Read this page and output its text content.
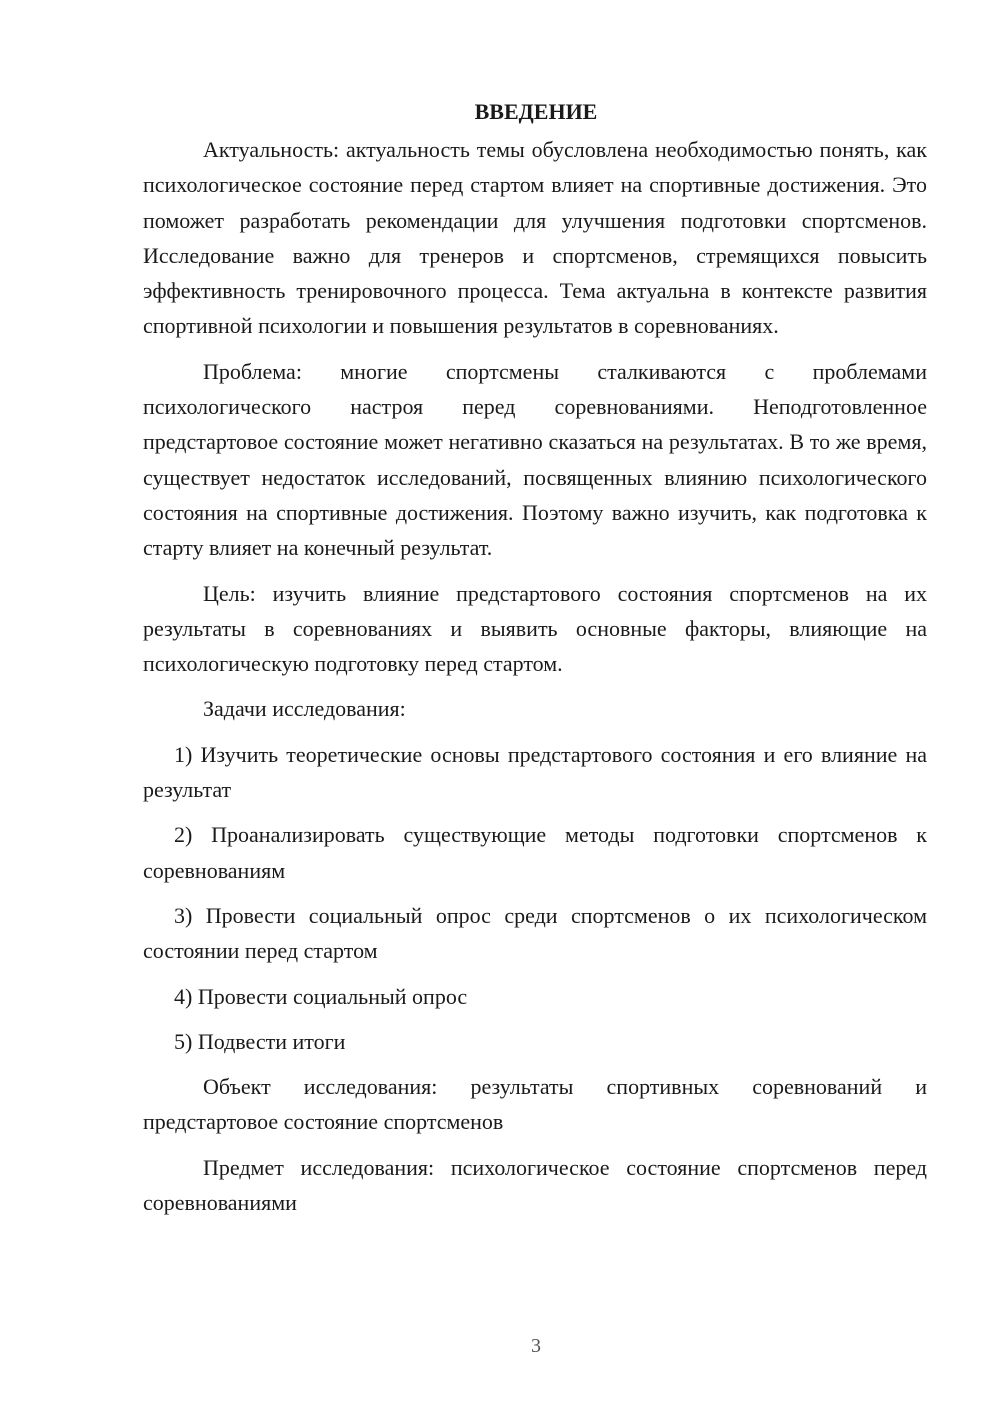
ВВЕДЕНИЕ

Актуальность: актуальность темы обусловлена необходимостью понять, как психологическое состояние перед стартом влияет на спортивные достижения. Это поможет разработать рекомендации для улучшения подготовки спортсменов. Исследование важно для тренеров и спортсменов, стремящихся повысить эффективность тренировочного процесса. Тема актуальна в контексте развития спортивной психологии и повышения результатов в соревнованиях.

Проблема: многие спортсмены сталкиваются с проблемами психологического настроя перед соревнованиями. Неподготовленное предстартовое состояние может негативно сказаться на результатах. В то же время, существует недостаток исследований, посвященных влиянию психологического состояния на спортивные достижения. Поэтому важно изучить, как подготовка к старту влияет на конечный результат.

Цель: изучить влияние предстартового состояния спортсменов на их результаты в соревнованиях и выявить основные факторы, влияющие на психологическую подготовку перед стартом.

Задачи исследования:

1) Изучить теоретические основы предстартового состояния и его влияние на результат

2) Проанализировать существующие методы подготовки спортсменов к соревнованиям

3) Провести социальный опрос среди спортсменов о их психологическом состоянии перед стартом

4) Провести социальный опрос

5) Подвести итоги

Объект исследования: результаты спортивных соревнований и предстартовое состояние спортсменов

Предмет исследования: психологическое состояние спортсменов перед соревнованиями

3
